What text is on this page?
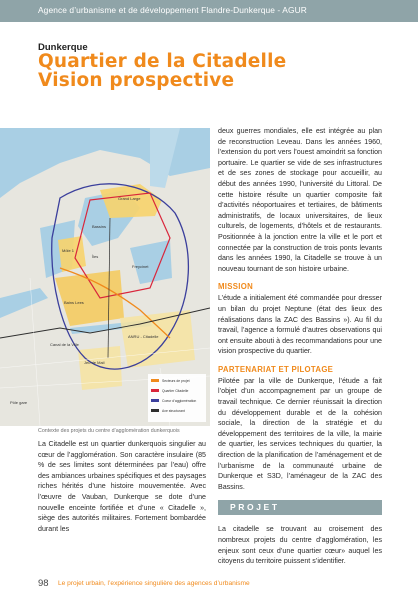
Agence d’urbanisme et de développement Flandre-Dunkerque - AGUR
Dunkerque
Quartier de la Citadelle
Vision prospective
Grand Large
Bassins
Môle 1
Freycinet
Îles
Bains Lees
ANRU - Citadelle
Jeu de Mail
Canal de la Ville
Pôle gare
Secteurs de projet
Quartier Citadelle
Coeur d’agglomération
Axe structurant
Contexte des projets du centre d’agglomération dunkerquois

La Citadelle est un quartier dunkerquois singulier au cœur de l’agglomération. Son caractère insulaire (85 % de ses limites sont déterminées par l’eau) offre des ambiances urbaines spécifiques et des paysages riches hérités d’une histoire mouvementée. Avec l’œuvre de Vauban, Dunkerque se dote d’une nouvelle enceinte fortifiée et d’une « Citadelle », siège des autorités militaires. Fortement bombardée durant les

deux guerres mondiales, elle est intégrée au plan de reconstruction Leveau. Dans les années 1960, l’extension du port vers l’ouest amoindrit sa fonction portuaire. Le quartier se vide de ses infrastructures et de ses zones de stockage pour accueillir, au début des années 1990, l’université du Littoral. De cette histoire résulte un quartier composite fait d’activités néoportuaires et tertiaires, de bâtiments administratifs, de locaux universitaires, de lieux culturels, de logements, d’hôtels et de restaurants. Positionnée à la jonction entre la ville et le port et connectée par la construction de trois ponts levants dans les années 1990, la Citadelle se trouve à un nouveau tournant de son histoire urbaine.

MISSION

L’étude a initialement été commandée pour dresser un bilan du projet Neptune (état des lieux des réalisations dans la ZAC des Bassins »). Au fil du travail, l’agence a formulé d’autres observations qui ont ensuite abouti à des recommandations pour une vision prospective du quartier.

PARTENARIAT ET PILOTAGE

Pilotée par la ville de Dunkerque, l’étude a fait l’objet d’un accompagnement par un groupe de travail technique. Ce dernier réunissait la direction du développement durable et de la cohésion sociale, la direction de la stratégie et du développement des territoires de la ville, la mairie de quartier, les services techniques du quartier, la direction de la planification de l’aménagement et de l’urbanisme de la communauté urbaine de Dunkerque et S3D, l’aménageur de la ZAC des Bassins.

PROJET

La citadelle se trouvant au croisement des nombreux projets du centre d’agglomération, les enjeux sont ceux d’une quartier cœur» auquel les citoyens du territoire puissent s’identifier.

98 Le projet urbain, l’expérience singulière des agences d’urbanisme
